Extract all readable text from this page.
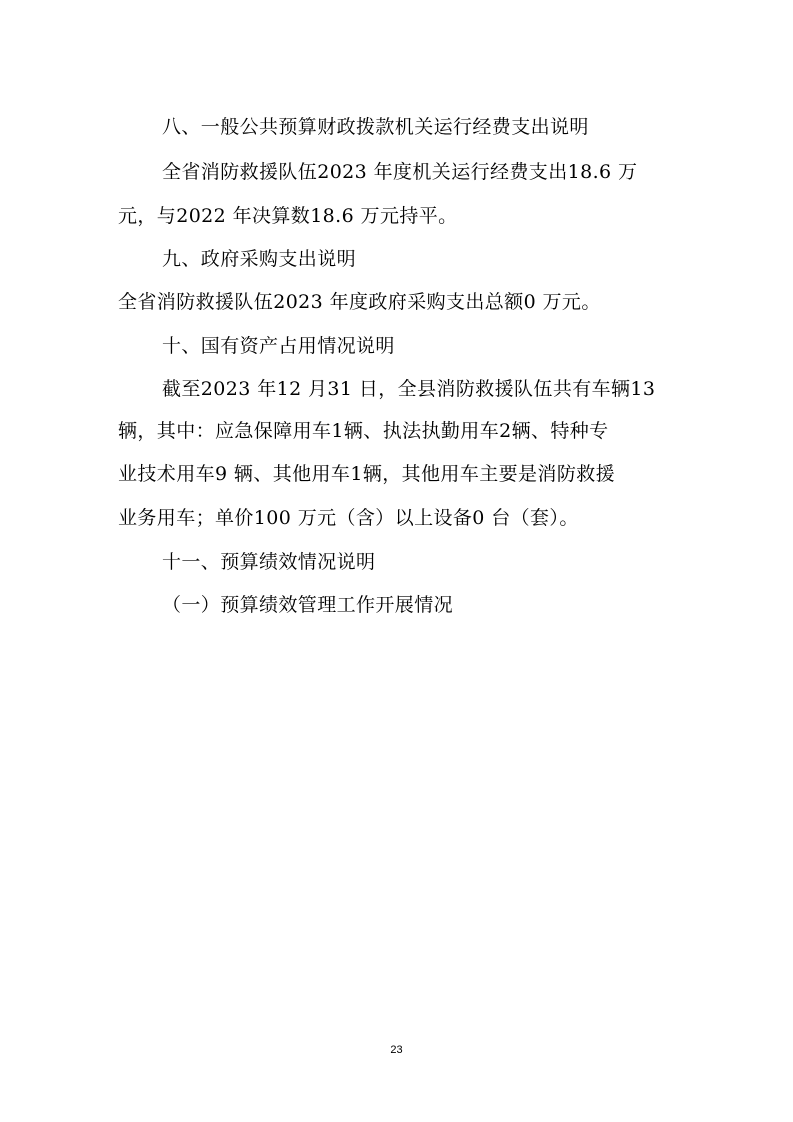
八、一般公共预算财政拨款机关运行经费支出说明
全省消防救援队伍2023 年度机关运行经费支出18.6 万
元，与2022 年决算数18.6 万元持平。
九、政府采购支出说明
全省消防救援队伍2023 年度政府采购支出总额0 万元。
十、国有资产占用情况说明
截至2023 年12 月31 日，全县消防救援队伍共有车辆13
辆，其中：应急保障用车1辆、执法执勤用车2辆、特种专
业技术用车9 辆、其他用车1辆，其他用车主要是消防救援
业务用车；单价100 万元（含）以上设备0 台（套）。
十一、预算绩效情况说明
（一）预算绩效管理工作开展情况
23
